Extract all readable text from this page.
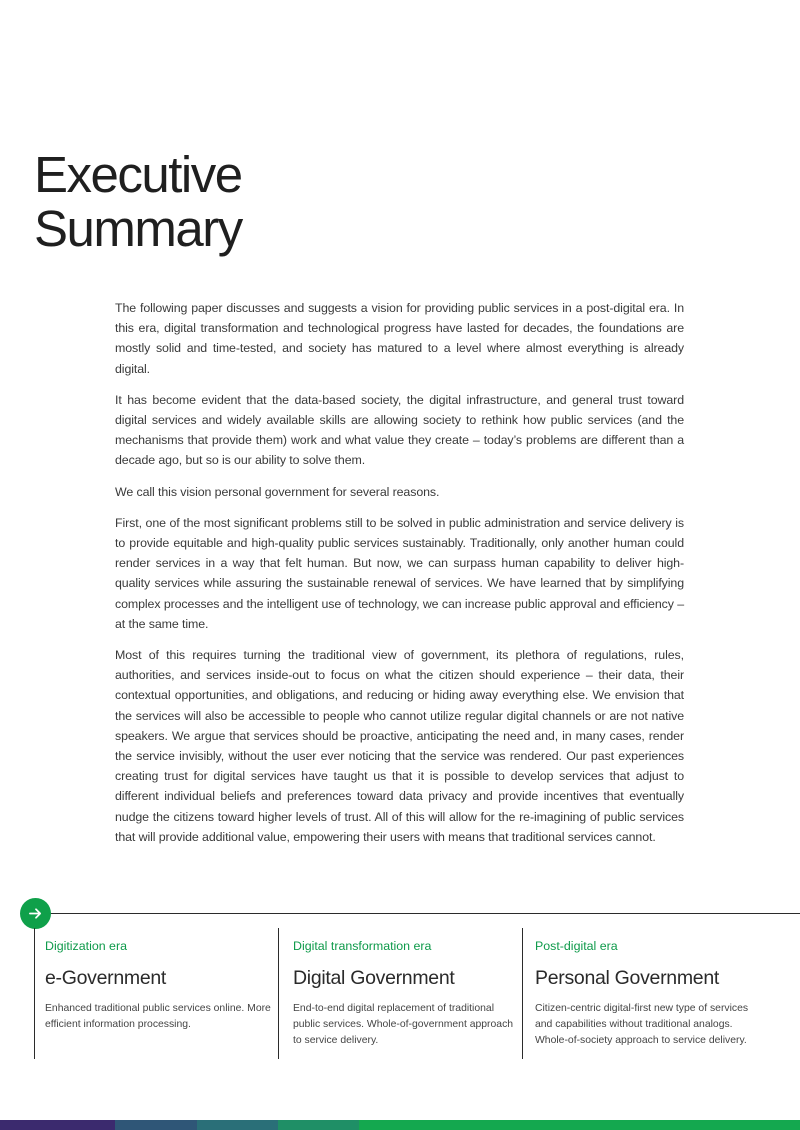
Executive
Summary

The following paper discusses and suggests a vision for providing public services in a post-digital era. In this era, digital transformation and technological progress have lasted for decades, the foundations are mostly solid and time-tested, and society has matured to a level where almost everything is already digital.

It has become evident that the data-based society, the digital infrastructure, and general trust toward digital services and widely available skills are allowing society to rethink how public services (and the mechanisms that provide them) work and what value they create – today’s problems are different than a decade ago, but so is our ability to solve them.

We call this vision personal government for several reasons.

First, one of the most significant problems still to be solved in public administration and service delivery is to provide equitable and high-quality public services sustainably. Traditionally, only another human could render services in a way that felt human. But now, we can surpass human capability to deliver high-quality services while assuring the sustainable renewal of services. We have learned that by simplifying complex processes and the intelligent use of technology, we can increase public approval and efficiency – at the same time.

Most of this requires turning the traditional view of government, its plethora of regulations, rules, authorities, and services inside-out to focus on what the citizen should experience – their data, their contextual opportunities, and obligations, and reducing or hiding away everything else. We envision that the services will also be accessible to people who cannot utilize regular digital channels or are not native speakers. We argue that services should be proactive, anticipating the need and, in many cases, render the service invisibly, without the user ever noticing that the service was rendered. Our past experiences creating trust for digital services have taught us that it is possible to develop services that adjust to different individual beliefs and preferences toward data privacy and provide incentives that eventually nudge the citizens toward higher levels of trust. All of this will allow for the re-imagining of public services that will provide additional value, empowering their users with means that traditional services cannot.

Digitization era
e-Government
Enhanced traditional public services online. More efficient information processing.
Digital transformation era
Digital Government
End-to-end digital replacement of traditional public services. Whole-of-government approach to service delivery.
Post-digital era
Personal Government
Citizen-centric digital-first new type of services and capabilities without traditional analogs. Whole-of-society approach to service delivery.
